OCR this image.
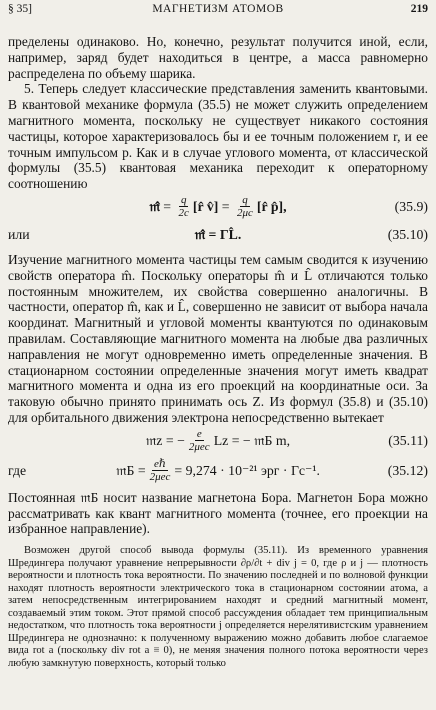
§ 35]	МАГНЕТИЗМ АТОМОВ	219

пределены одинаково. Но, конечно, результат получится иной, если, например, заряд будет находиться в центре, а масса равномерно распределена по объему шарика.

5. Теперь следует классические представления заменить квантовыми. В квантовой механике формула (35.5) не может служить определением магнитного момента, поскольку не существует никакого состояния частицы, которое характеризовалось бы и ее точным положением r, и ее точным импульсом p. Как и в случае углового момента, от классической формулы (35.5) квантовая механика переходит к операторному соотношению

𝔪̂ = $\frac{q}{2c}$ [r̂ v̂] = $\frac{q}{2\mu c}$ [r̂ p̂],	(35.9)
или	𝔪̂ = ΓL̂.	(35.10)

Изучение магнитного момента частицы тем самым сводится к изучению свойств оператора m̂. Поскольку операторы m̂ и L̂ отличаются только постоянным множителем, их свойства совершенно аналогичны. В частности, оператор m̂, как и L̂, совершенно не зависит от выбора начала координат. Магнитный и угловой моменты квантуются по одинаковым правилам. Составляющие магнитного момента на любые два различных направления не могут одновременно иметь определенные значения. В стационарном состоянии определенные значения могут иметь квадрат магнитного момента и одна из его проекций на координатные оси. За таковую обычно принято принимать ось Z. Из формул (35.8) и (35.10) для орбитального движения электрона непосредственно вытекает

𝔪z = − $\frac{e}{\text{2μec}}$ Lz = − 𝔪Б m,	(35.11)
где	𝔪Б = $\frac{\text{eℏ}}{\text{2μec}} = 9,274 \cdot 10^{-21}$ эрг · Гс⁻¹.	(35.12)

Постоянная 𝔪Б носит название магнетона Бора. Магнетон Бора можно рассматривать как квант магнитного момента (точнее, его проекции на избранное направление).

Возможен другой способ вывода формулы (35.11). Из временного уравнения Шредингера получают уравнение непрерывности ∂ρ/∂t + div j = 0, где ρ и j — плотность вероятности и плотность тока вероятности. По значению последней и по волновой функции находят плотность вероятности электрического тока в стационарном состоянии атома, а затем непосредственным интегрированием находят и средний магнитный момент, создаваемый этим током. Этот прямой способ рассуждения обладает тем принципиальным недостатком, что плотность тока вероятности j определяется нерелятивистским уравнением Шредингера не однозначно: к полученному выражению можно добавить любое слагаемое вида rot a (поскольку div rot a ≡ 0), не меняя значения полного потока вероятности через любую замкнутую поверхность, который только
